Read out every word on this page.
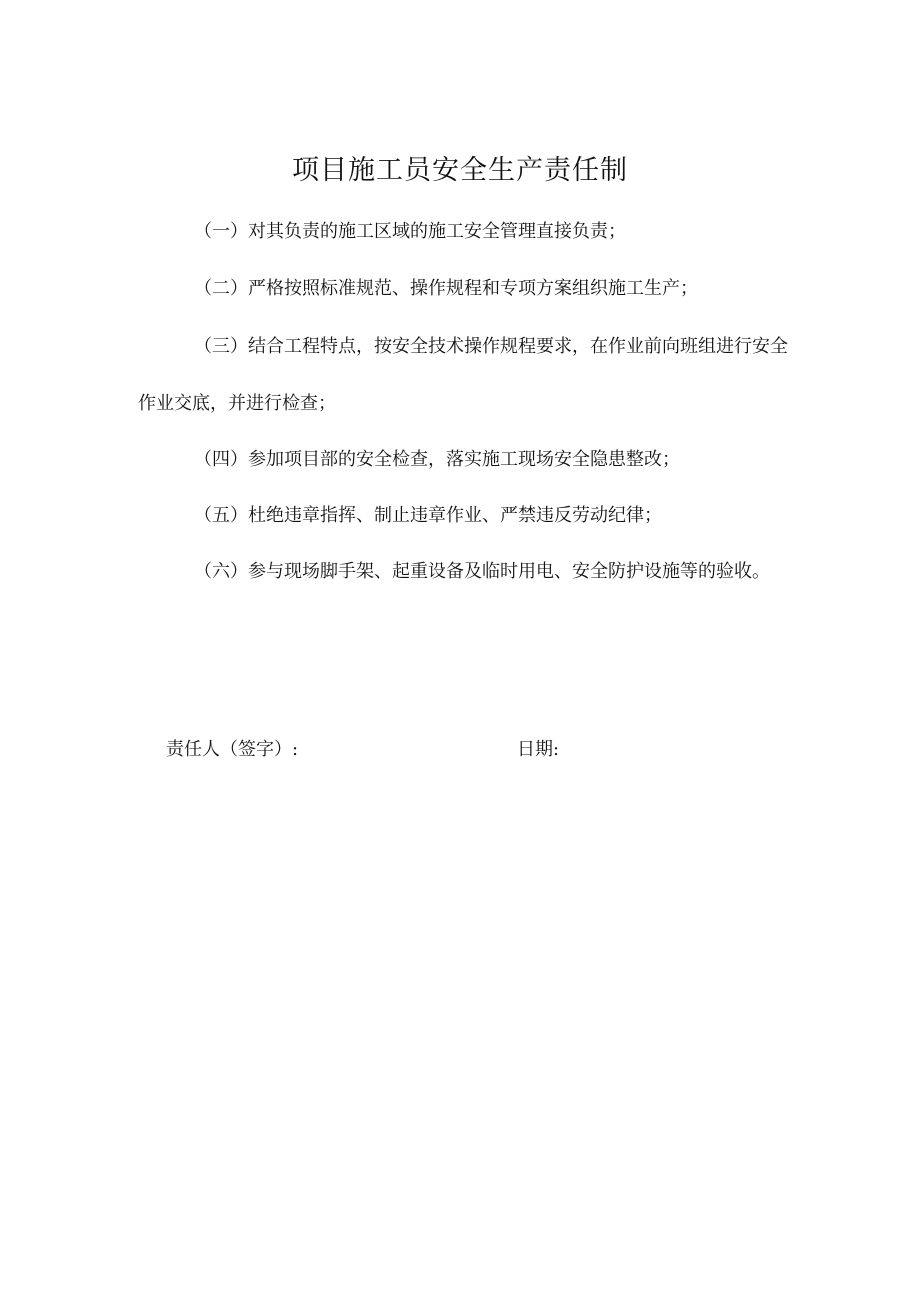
项目施工员安全生产责任制

（一）对其负责的施工区域的施工安全管理直接负责；

（二）严格按照标准规范、操作规程和专项方案组织施工生产；

（三）结合工程特点，按安全技术操作规程要求，在作业前向班组进行安全作业交底，并进行检查；

（四）参加项目部的安全检查，落实施工现场安全隐患整改；

（五）杜绝违章指挥、制止违章作业、严禁违反劳动纪律；

（六）参与现场脚手架、起重设备及临时用电、安全防护设施等的验收。

责任人（签字）:	日期:
